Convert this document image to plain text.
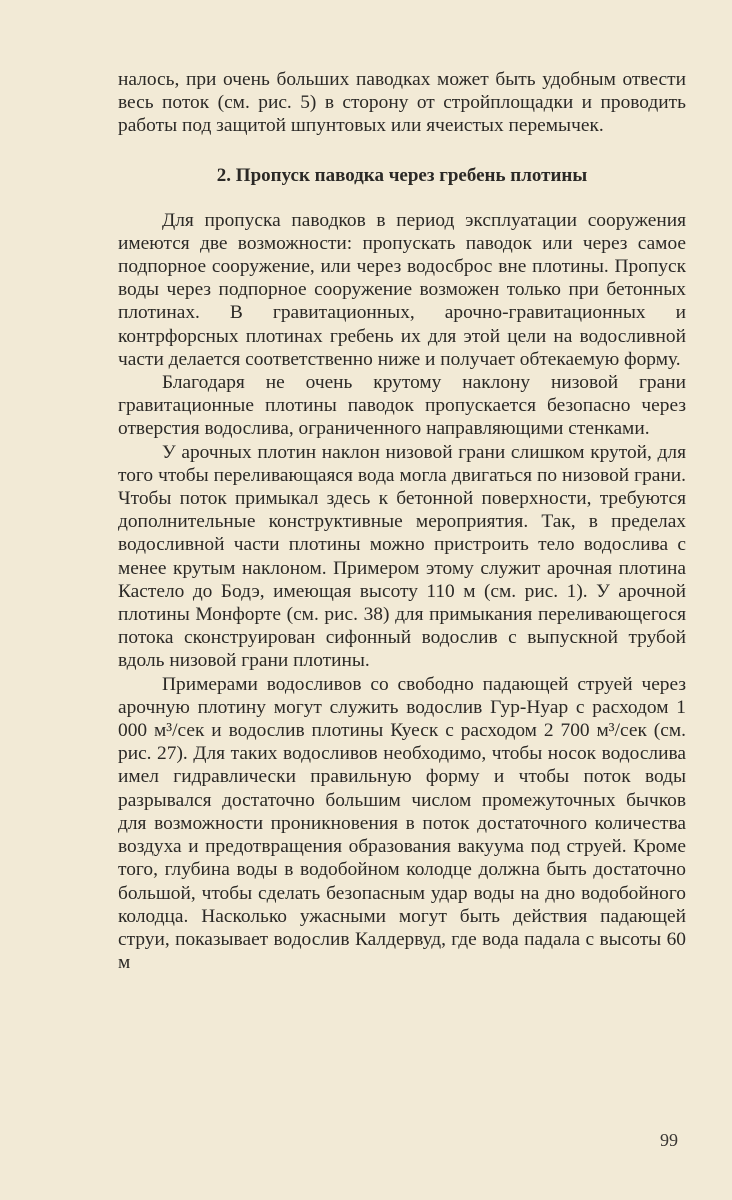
налось, при очень больших паводках может быть удобным отвести весь поток (см. рис. 5) в сторону от стройплощадки и проводить работы под защитой шпунтовых или ячеистых перемычек.

2. Пропуск паводка через гребень плотины

Для пропуска паводков в период эксплуатации сооружения имеются две возможности: пропускать паводок или через самое подпорное сооружение, или через водосброс вне плотины. Пропуск воды через подпорное сооружение возможен только при бетонных плотинах. В гравитационных, арочно-гравитационных и контрфорсных плотинах гребень их для этой цели на водосливной части делается соответственно ниже и получает обтекаемую форму.

Благодаря не очень крутому наклону низовой грани гравитационные плотины паводок пропускается безопасно через отверстия водослива, ограниченного направляющими стенками.

У арочных плотин наклон низовой грани слишком крутой, для того чтобы переливающаяся вода могла двигаться по низовой грани. Чтобы поток примыкал здесь к бетонной поверхности, требуются дополнительные конструктивные мероприятия. Так, в пределах водосливной части плотины можно пристроить тело водослива с менее крутым наклоном. Примером этому служит арочная плотина Кастело до Бодэ, имеющая высоту 110 м (см. рис. 1). У арочной плотины Монфорте (см. рис. 38) для примыкания переливающегося потока сконструирован сифонный водослив с выпускной трубой вдоль низовой грани плотины.

Примерами водосливов со свободно падающей струей через арочную плотину могут служить водослив Гур-Нуар с расходом 1 000 м³/сек и водослив плотины Куеск с расходом 2 700 м³/сек (см. рис. 27). Для таких водосливов необходимо, чтобы носок водослива имел гидравлически правильную форму и чтобы поток воды разрывался достаточно большим числом промежуточных бычков для возможности проникновения в поток достаточного количества воздуха и предотвращения образования вакуума под струей. Кроме того, глубина воды в водобойном колодце должна быть достаточно большой, чтобы сделать безопасным удар воды на дно водобойного колодца. Насколько ужасными могут быть действия падающей струи, показывает водослив Калдервуд, где вода падала с высоты 60 м

99
